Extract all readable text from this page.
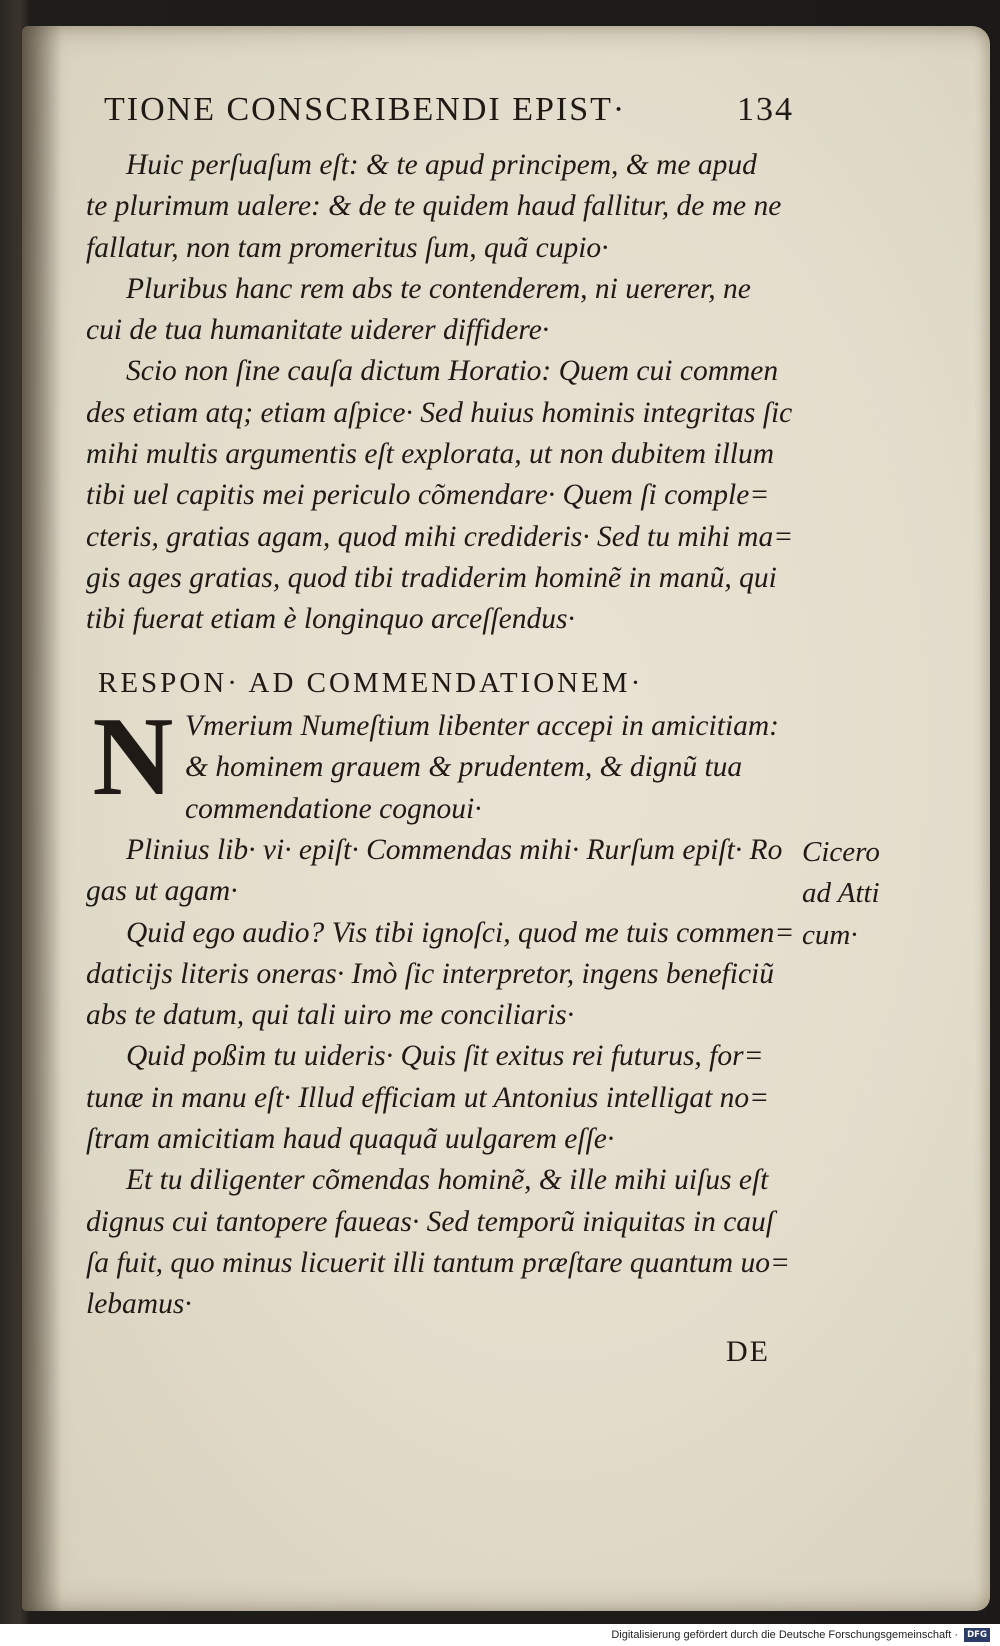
TIONE CONSCRIBENDI EPIST·	134
Huic perſuaſum eſt: & te apud principem, & me apud
te plurimum ualere: & de te quidem haud fallitur, de me ne
fallatur, non tam promeritus ſum, quã cupio·
Pluribus hanc rem abs te contenderem, ni uererer, ne
cui de tua humanitate uiderer diffidere·
Scio non ſine cauſa dictum Horatio: Quem cui commen
des etiam atq; etiam aſpice· Sed huius hominis integritas ſic
mihi multis argumentis eſt explorata, ut non dubitem illum
tibi uel capitis mei periculo cõmendare· Quem ſi comple=
cteris, gratias agam, quod mihi credideris· Sed tu mihi ma=
gis ages gratias, quod tibi tradiderim hominẽ in manũ, qui
tibi fuerat etiam è longinquo arceſſendus·
RESPON· AD COMMENDATIONEM·
N Vmerium Numeſtium libenter accepi in amicitiam:
& hominem grauem & prudentem, & dignũ tua
commendatione cognoui·
Plinius lib· vi· epiſt· Commendas mihi· Rurſum epiſt· Ro
gas ut agam·
Quid ego audio? Vis tibi ignoſci, quod me tuis commen=
daticijs literis oneras· Imò ſic interpretor, ingens beneficiũ
abs te datum, qui tali uiro me conciliaris·
Quid poßim tu uideris· Quis ſit exitus rei futurus, for=
tunæ in manu eſt· Illud efficiam ut Antonius intelligat no=
ſtram amicitiam haud quaquã uulgarem eſſe·
Et tu diligenter cõmendas hominẽ, & ille mihi uiſus eſt
dignus cui tantopere faueas· Sed temporũ iniquitas in cauſ
ſa fuit, quo minus licuerit illi tantum præſtare quantum uo=
lebamus·
Cicero
ad Atti
cum·
DE
Digitalisierung gefördert durch die Deutsche Forschungsgemeinschaft ·	DFG
